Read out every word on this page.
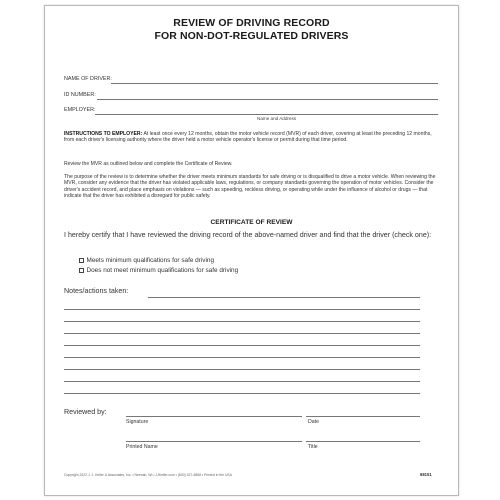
REVIEW OF DRIVING RECORD
FOR NON-DOT-REGULATED DRIVERS
NAME OF DRIVER:
ID NUMBER:
EMPLOYER:
Name and Address
INSTRUCTIONS TO EMPLOYER: At least once every 12 months, obtain the motor vehicle record (MVR) of each driver, covering at least the preceding 12 months, from each driver's licensing authority where the driver held a motor vehicle operator's license or permit during that time period.
Review the MVR as outlined below and complete the Certificate of Review.
The purpose of the review is to determine whether the driver meets minimum standards for safe driving or is disqualified to drive a motor vehicle. When reviewing the MVR, consider any evidence that the driver has violated applicable laws, regulations, or company standards governing the operation of motor vehicles. Consider the driver's accident record, and place emphasis on violations — such as speeding, reckless driving, or operating while under the influence of alcohol or drugs — that indicate that the driver has exhibited a disregard for public safety.
CERTIFICATE OF REVIEW
I hereby certify that I have reviewed the driving record of the above-named driver and find that the driver (check one):
Meets minimum qualifications for safe driving
Does not meet minimum qualifications for safe driving
Notes/actions taken:
Reviewed by:
Signature	Date
Printed Name	Title
Copyright 2022 J. J. Keller & Associates, Inc. • Neenah, WI • JJKeller.com • (800) 327-6868 • Printed in the USA	68151
